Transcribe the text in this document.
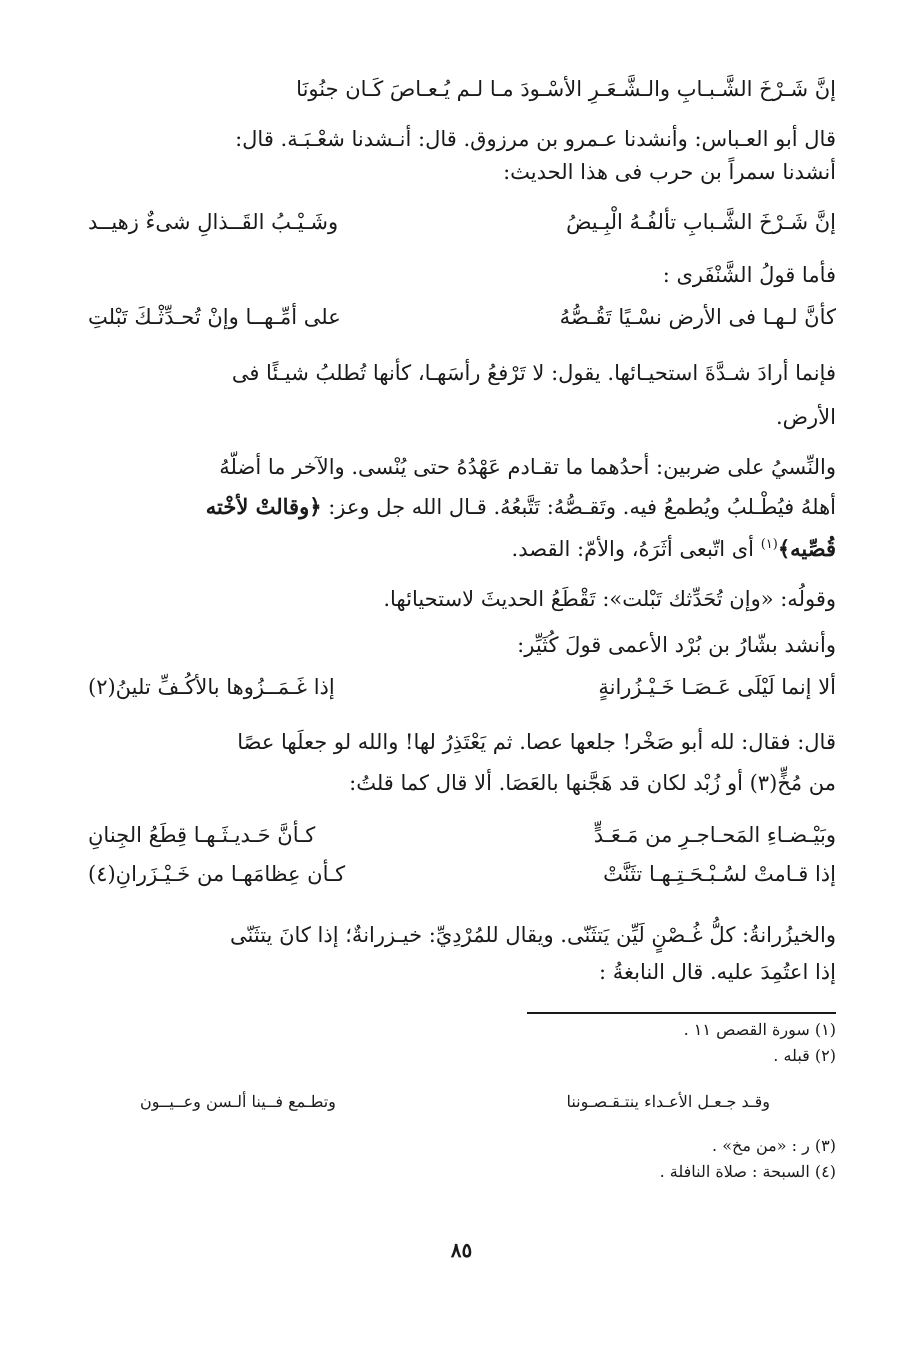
إنَّ شَـرْخَ الشَّـبـابِ والـشَّـعَـرِ الأسْـودَ مـا لـم يُـعـاصَ كَـان جنُونَا
قال أبو العـباس: وأنشدنا عـمرو بن مرزوق. قال: أنـشدنا شعْـبَـة. قال:
أنشدنا سمراً بن حرب فى هذا الحديث:
إنَّ شَـرْخَ الشَّـبابِ تألفُـهُ الْبِـيضُ
وشَـيْـبُ القَــذالِ شىءٌ زهيــد
فأما قولُ الشَّنْفَرى :
كأنَّ لـهـا فى الأرض نسْـيًا تَقُـصُّهُ
على أمِّـهــا وإنْ تُحـدِّثْـكَ تَبْلتِ
فإنما أرادَ شـدَّةَ استحيـائها. يقول: لا تَرْفعُ رأسَهـا، كأنها تُطلبُ شيـئًا فى
الأرض.
والنِّسيُ على ضربين: أحدُهما ما تقـادم عَهْدُهُ حتى يُنْسى. والآخر ما أضلّهُ
أهلهُ فيُطْـلبُ ويُطمعُ فيه. وتَقـصُّهُ: تَتَّبعُهُ. قـال الله جل وعز: ﴿وقالتْ لأخْته
قُصِّيه﴾$^{(١)}$ أى اتّبعى أثَرَهُ، والأمّ: القصد.
وقولُه: «وإن تُحَدِّثك تَبْلت»: تَقْطَعُ الحديثَ لاستحيائها.
وأنشد بشّارُ بن بُرْد الأعمى قولَ كُثَيِّر:
ألا إنما لَيْلَى عَـصَـا خَـيْـزُرانةٍ
إذا غَـمَــزُوها بالأكُـفِّ تلينُ(٢)
قال: فقال: لله أبو صَخْر! جلعها عصا. ثم يَعْتَذِرُ لها! والله لو جعلَها عصًا
من مُخٍّ(٣) أو زُبْد لكان قد هَجَّنها بالعَصَا. ألا قال كما قلتُ:
وبَيْـضـاءِ المَحـاجـرِ من مَـعَـدٍّ
كـأنَّ حَـديـثَـهـا قِطَعُ الجِنانِ
إذا قـامتْ لسُـبْـحَـتِـهـا تثَنَّتْ
كـأن عِظامَهـا من خَـيْـزَرانِ(٤)
والخيزُرانةُ: كلُّ غُـصْنٍ لَيِّن يَتثَنّى. ويقال للمُرْدِيِّ: خيـزرانةٌ؛ إذا كانَ يتثَنّى
إذا اعتُمِدَ عليه. قال النابغةُ :
(١) سورة القصص ١١ .
(٢) قبله .
وقـد جـعـل الأعـداء ينتـقـصـوننا
وتطـمع فــينا ألـسن وعــيــون
(٣) ر : «من مخ» .
(٤) السبحة : صلاة النافلة .
٨٥
